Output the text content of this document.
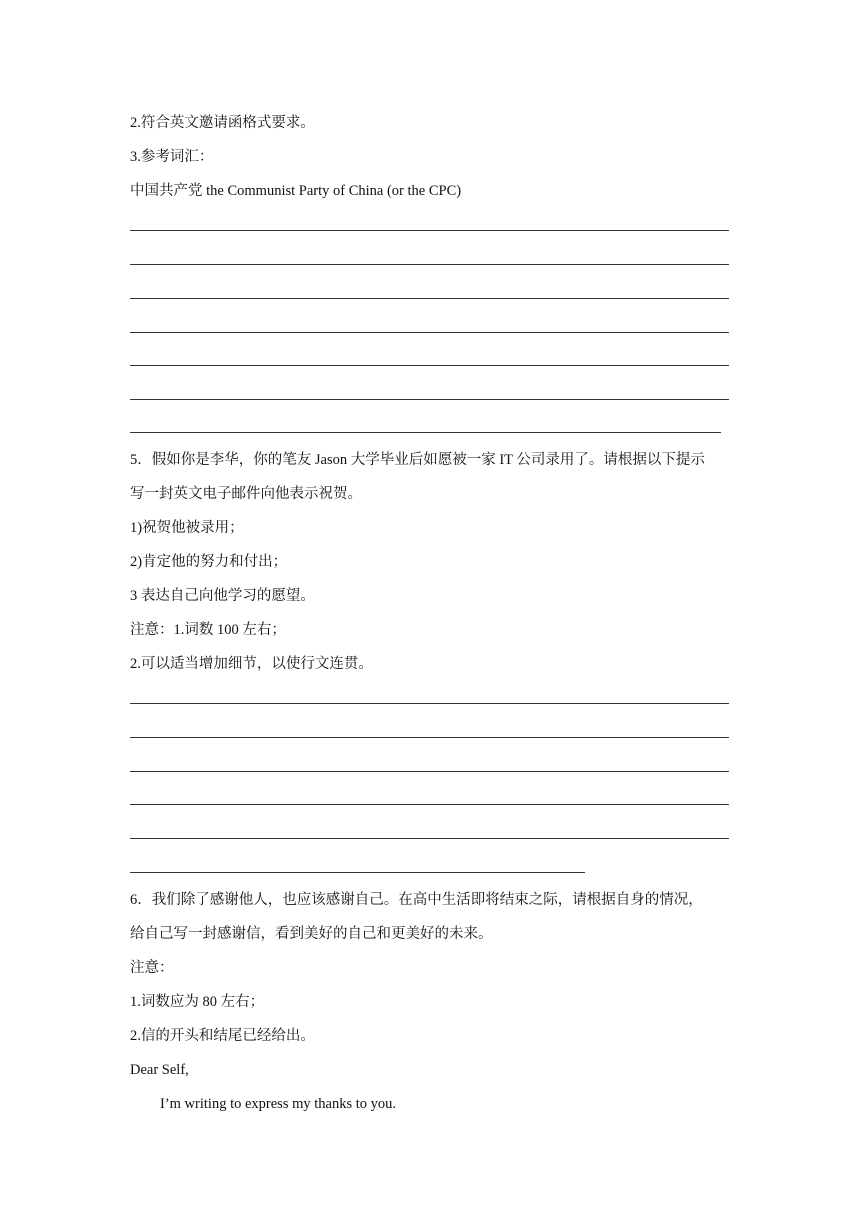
2.符合英文邀请函格式要求。
3.参考词汇：
中国共产党 the Communist Party of China (or the CPC)
5．假如你是李华，你的笔友 Jason 大学毕业后如愿被一家 IT 公司录用了。请根据以下提示
写一封英文电子邮件向他表示祝贺。
1)祝贺他被录用；
2)肯定他的努力和付出；
3 表达自己向他学习的愿望。
注意：1.词数 100 左右；
2.可以适当增加细节，以使行文连贯。
6．我们除了感谢他人，也应该感谢自己。在高中生活即将结束之际，请根据自身的情况，
给自己写一封感谢信，看到美好的自己和更美好的未来。
注意：
1.词数应为 80 左右；
2.信的开头和结尾已经给出。
Dear Self,
I’m writing to express my thanks to you.
